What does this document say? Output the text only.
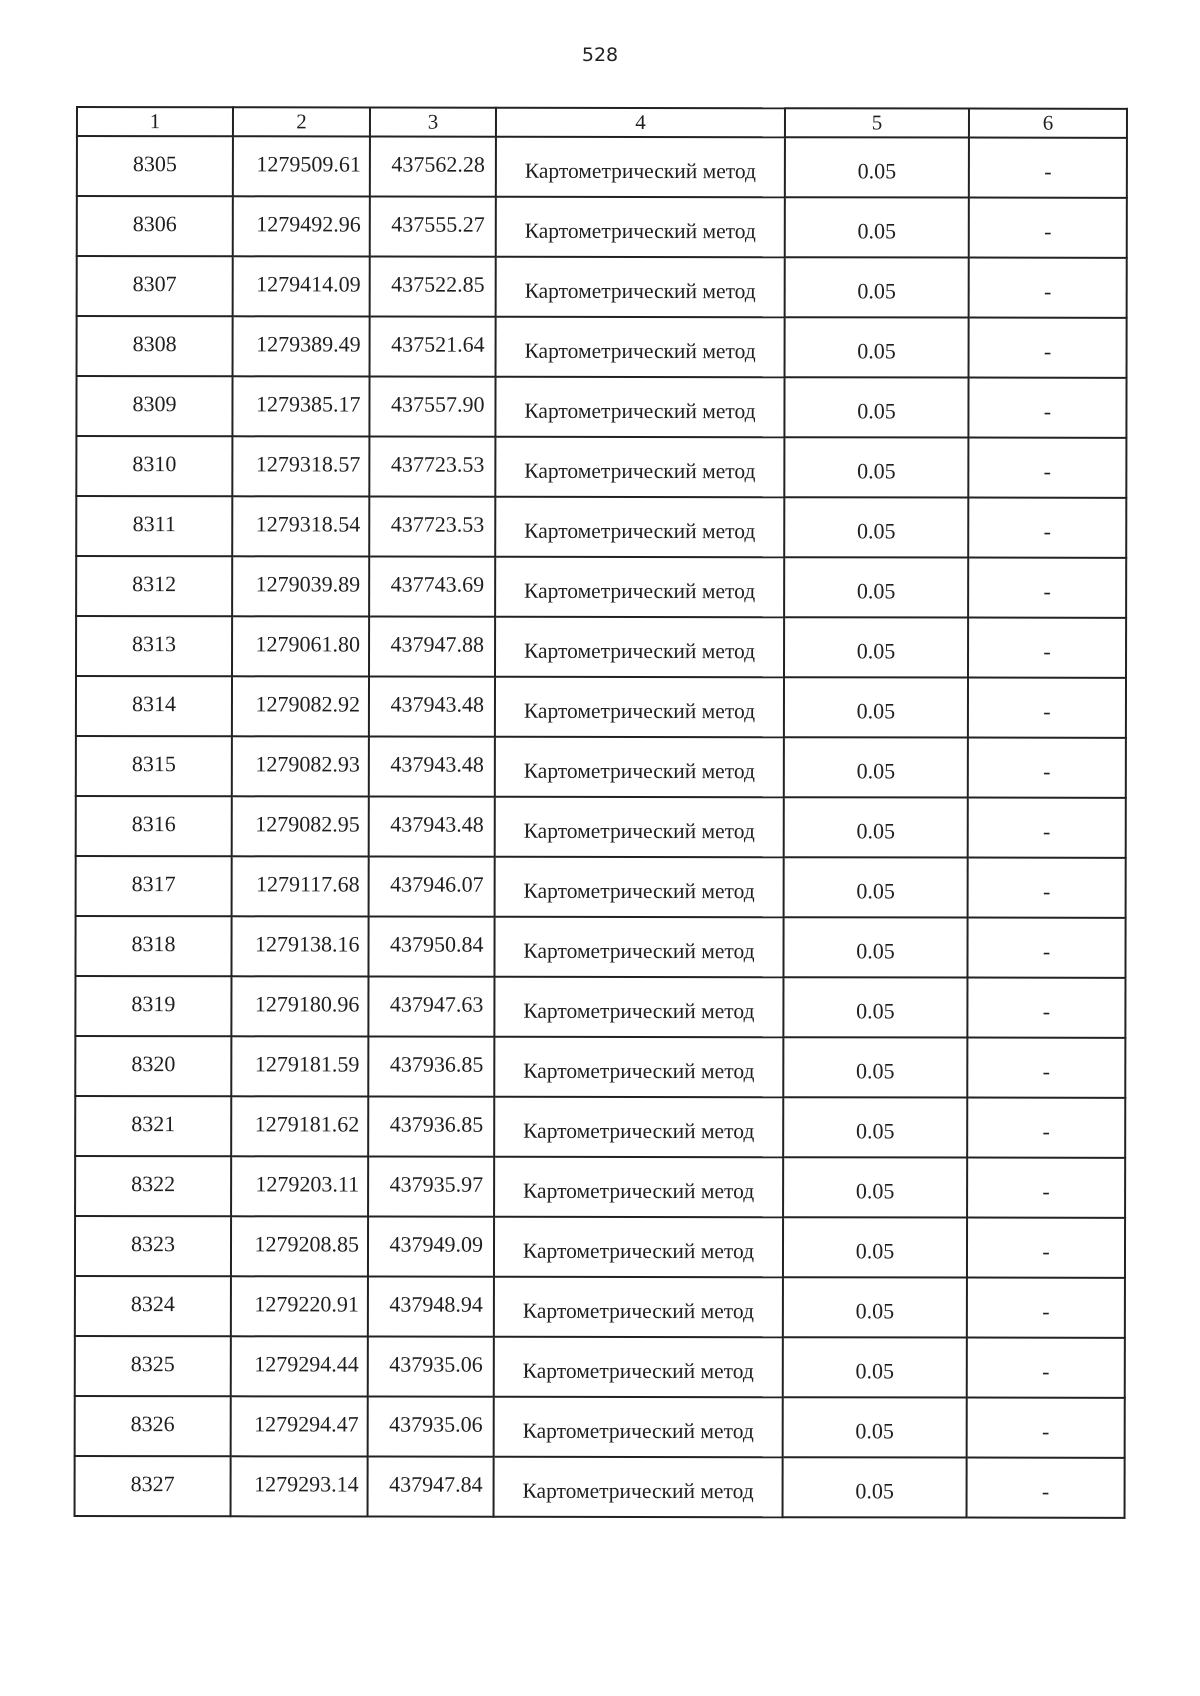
528
1	2	3	4	5	6
8305	1279509.61	437562.28	Картометрический метод	0.05	-
8306	1279492.96	437555.27	Картометрический метод	0.05	-
8307	1279414.09	437522.85	Картометрический метод	0.05	-
8308	1279389.49	437521.64	Картометрический метод	0.05	-
8309	1279385.17	437557.90	Картометрический метод	0.05	-
8310	1279318.57	437723.53	Картометрический метод	0.05	-
8311	1279318.54	437723.53	Картометрический метод	0.05	-
8312	1279039.89	437743.69	Картометрический метод	0.05	-
8313	1279061.80	437947.88	Картометрический метод	0.05	-
8314	1279082.92	437943.48	Картометрический метод	0.05	-
8315	1279082.93	437943.48	Картометрический метод	0.05	-
8316	1279082.95	437943.48	Картометрический метод	0.05	-
8317	1279117.68	437946.07	Картометрический метод	0.05	-
8318	1279138.16	437950.84	Картометрический метод	0.05	-
8319	1279180.96	437947.63	Картометрический метод	0.05	-
8320	1279181.59	437936.85	Картометрический метод	0.05	-
8321	1279181.62	437936.85	Картометрический метод	0.05	-
8322	1279203.11	437935.97	Картометрический метод	0.05	-
8323	1279208.85	437949.09	Картометрический метод	0.05	-
8324	1279220.91	437948.94	Картометрический метод	0.05	-
8325	1279294.44	437935.06	Картометрический метод	0.05	-
8326	1279294.47	437935.06	Картометрический метод	0.05	-
8327	1279293.14	437947.84	Картометрический метод	0.05	-
